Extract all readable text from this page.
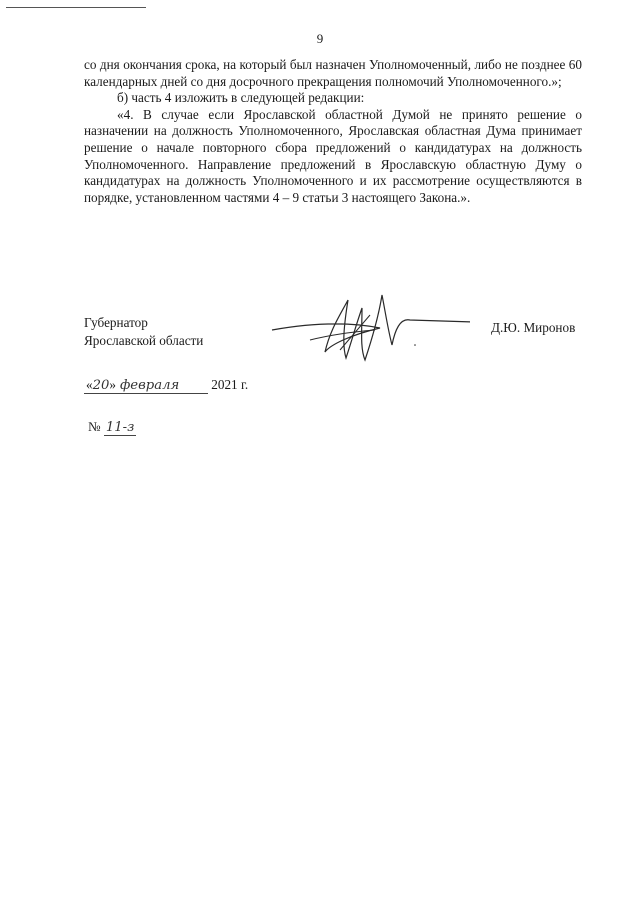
9

со дня окончания срока, на который был назначен Уполномоченный, либо не позднее 60 календарных дней со дня досрочного прекращения полномочий Уполномоченного.»;

б) часть 4 изложить в следующей редакции:

«4. В случае если Ярославской областной Думой не принято решение о назначении на должность Уполномоченного, Ярославская областная Дума принимает решение о начале повторного сбора предложений о кандидатурах на должность Уполномоченного. Направление предложений в Ярославскую областную Думу о кандидатурах на должность Уполномоченного и их рассмотрение осуществляются в порядке, установленном частями 4 – 9 статьи 3 настоящего Закона.».

Губернатор
Ярославской области
Д.Ю. Миронов
«20» февраля 2021 г.
№ 11-з
